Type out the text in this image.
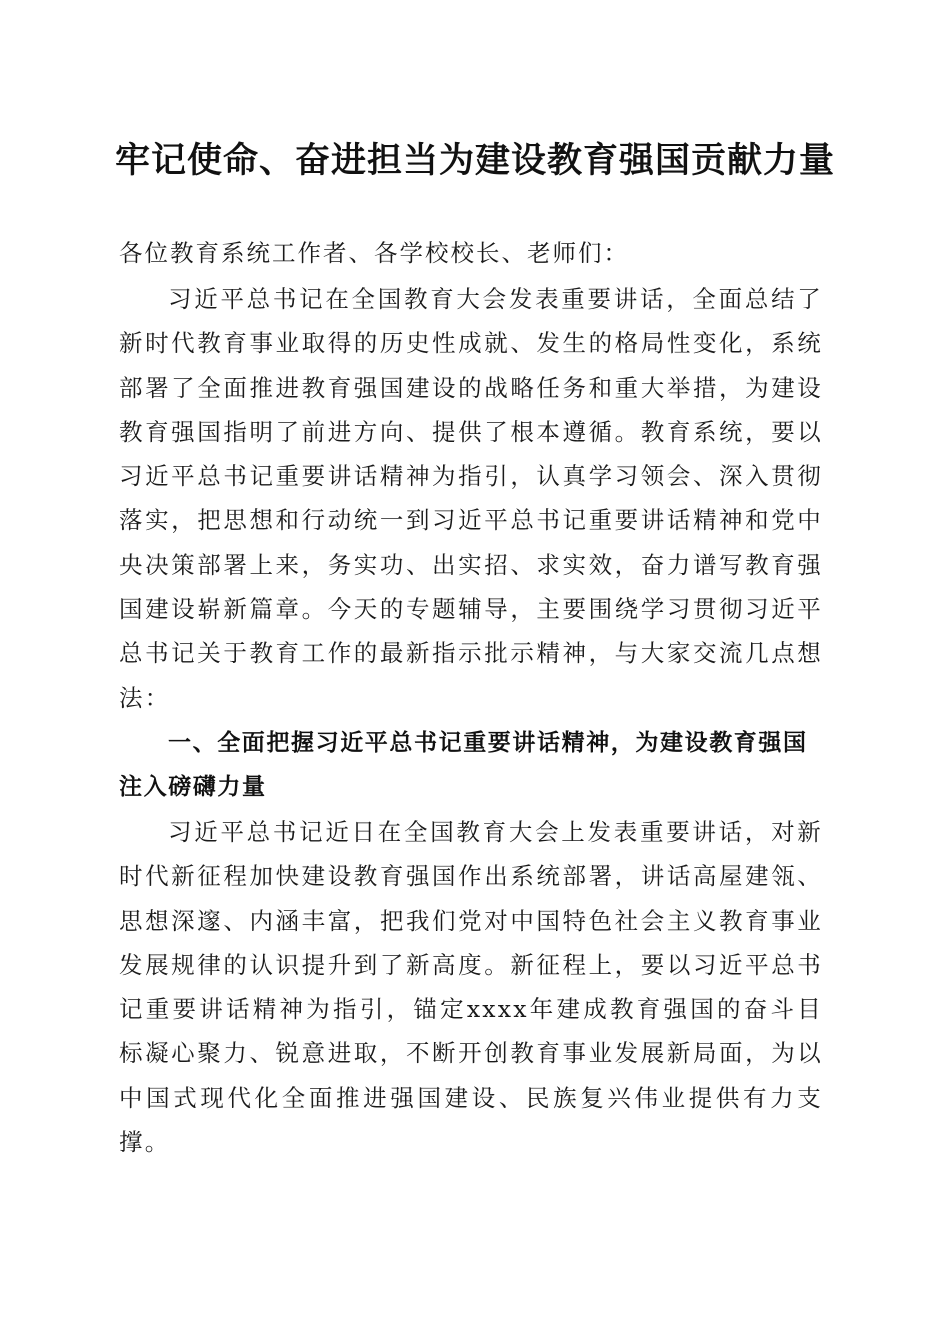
牢记使命、奋进担当为建设教育强国贡献力量

各位教育系统工作者、各学校校长、老师们：

习近平总书记在全国教育大会发表重要讲话，全面总结了新时代教育事业取得的历史性成就、发生的格局性变化，系统部署了全面推进教育强国建设的战略任务和重大举措，为建设教育强国指明了前进方向、提供了根本遵循。教育系统，要以习近平总书记重要讲话精神为指引，认真学习领会、深入贯彻落实，把思想和行动统一到习近平总书记重要讲话精神和党中央决策部署上来，务实功、出实招、求实效，奋力谱写教育强国建设崭新篇章。今天的专题辅导，主要围绕学习贯彻习近平总书记关于教育工作的最新指示批示精神，与大家交流几点想法：

一、全面把握习近平总书记重要讲话精神，为建设教育强国注入磅礴力量

习近平总书记近日在全国教育大会上发表重要讲话，对新时代新征程加快建设教育强国作出系统部署，讲话高屋建瓴、思想深邃、内涵丰富，把我们党对中国特色社会主义教育事业发展规律的认识提升到了新高度。新征程上，要以习近平总书记重要讲话精神为指引，锚定xxxx年建成教育强国的奋斗目标凝心聚力、锐意进取，不断开创教育事业发展新局面，为以中国式现代化全面推进强国建设、民族复兴伟业提供有力支撑。
